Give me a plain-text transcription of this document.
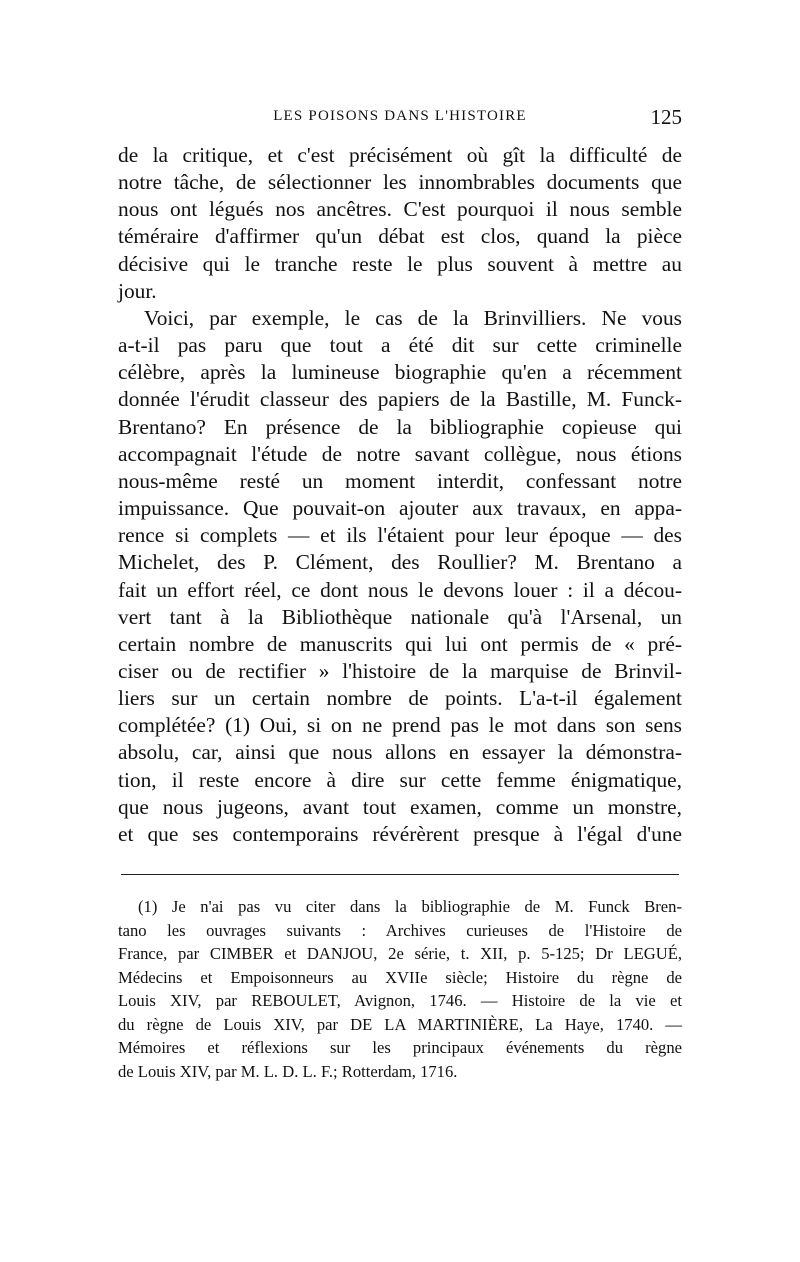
LES POISONS DANS L'HISTOIRE	125
de la critique, et c'est précisément où gît la difficulté de
notre tâche, de sélectionner les innombrables documents que
nous ont légués nos ancêtres. C'est pourquoi il nous semble
téméraire d'affirmer qu'un débat est clos, quand la pièce
décisive qui le tranche reste le plus souvent à mettre au
jour.
Voici, par exemple, le cas de la Brinvilliers. Ne vous
a-t-il pas paru que tout a été dit sur cette criminelle
célèbre, après la lumineuse biographie qu'en a récemment
donnée l'érudit classeur des papiers de la Bastille, M. Funck-
Brentano? En présence de la bibliographie copieuse qui
accompagnait l'étude de notre savant collègue, nous étions
nous-même resté un moment interdit, confessant notre
impuissance. Que pouvait-on ajouter aux travaux, en appa-
rence si complets — et ils l'étaient pour leur époque — des
Michelet, des P. Clément, des Roullier? M. Brentano a
fait un effort réel, ce dont nous le devons louer : il a décou-
vert tant à la Bibliothèque nationale qu'à l'Arsenal, un
certain nombre de manuscrits qui lui ont permis de « pré-
ciser ou de rectifier » l'histoire de la marquise de Brinvil-
liers sur un certain nombre de points. L'a-t-il également
complétée? (1) Oui, si on ne prend pas le mot dans son sens
absolu, car, ainsi que nous allons en essayer la démonstra-
tion, il reste encore à dire sur cette femme énigmatique,
que nous jugeons, avant tout examen, comme un monstre,
et que ses contemporains révérèrent presque à l'égal d'une
(1) Je n'ai pas vu citer dans la bibliographie de M. Funck Bren-
tano les ouvrages suivants : Archives curieuses de l'Histoire de
France, par CIMBER et DANJOU, 2e série, t. XII, p. 5-125; Dr LEGUÉ,
Médecins et Empoisonneurs au XVIIe siècle; Histoire du règne de
Louis XIV, par REBOULET, Avignon, 1746. — Histoire de la vie et
du règne de Louis XIV, par DE LA MARTINIÈRE, La Haye, 1740. —
Mémoires et réflexions sur les principaux événements du règne
de Louis XIV, par M. L. D. L. F.; Rotterdam, 1716.
